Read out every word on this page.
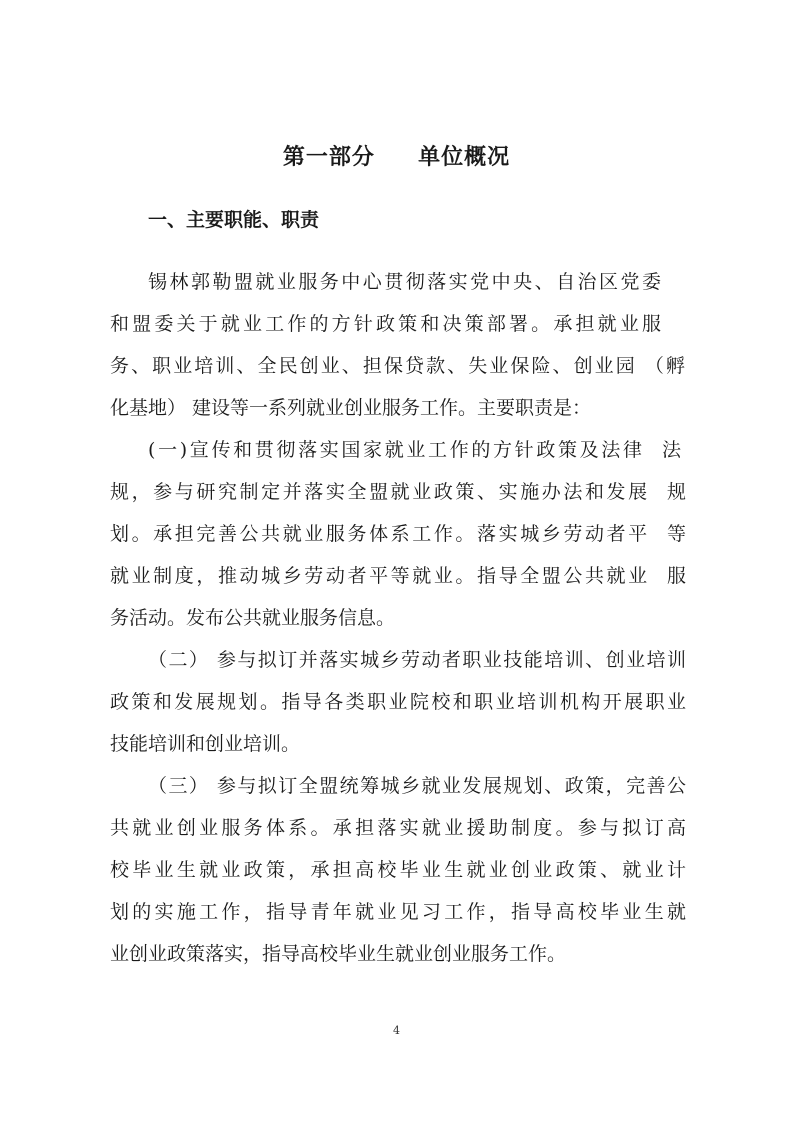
第一部分     单位概况
一、主要职能、职责
锡林郭勒盟就业服务中心贯彻落实党中央、自治区党委
和盟委关于就业工作的方针政策和决策部署。承担就业服
务、职业培训、全民创业、担保贷款、失业保险、创业园 （孵
化基地） 建设等一系列就业创业服务工作。主要职责是：
(一)宣传和贯彻落实国家就业工作的方针政策及法律  法
规，参与研究制定并落实全盟就业政策、实施办法和发展  规
划。承担完善公共就业服务体系工作。落实城乡劳动者平  等
就业制度，推动城乡劳动者平等就业。指导全盟公共就业  服
务活动。发布公共就业服务信息。
（二） 参与拟订并落实城乡劳动者职业技能培训、创业培训
政策和发展规划。指导各类职业院校和职业培训机构开展职业
技能培训和创业培训。
（三） 参与拟订全盟统筹城乡就业发展规划、政策，完善公
共就业创业服务体系。承担落实就业援助制度。参与拟订高
校毕业生就业政策，承担高校毕业生就业创业政策、就业计
划的实施工作，指导青年就业见习工作，指导高校毕业生就
业创业政策落实，指导高校毕业生就业创业服务工作。
4
